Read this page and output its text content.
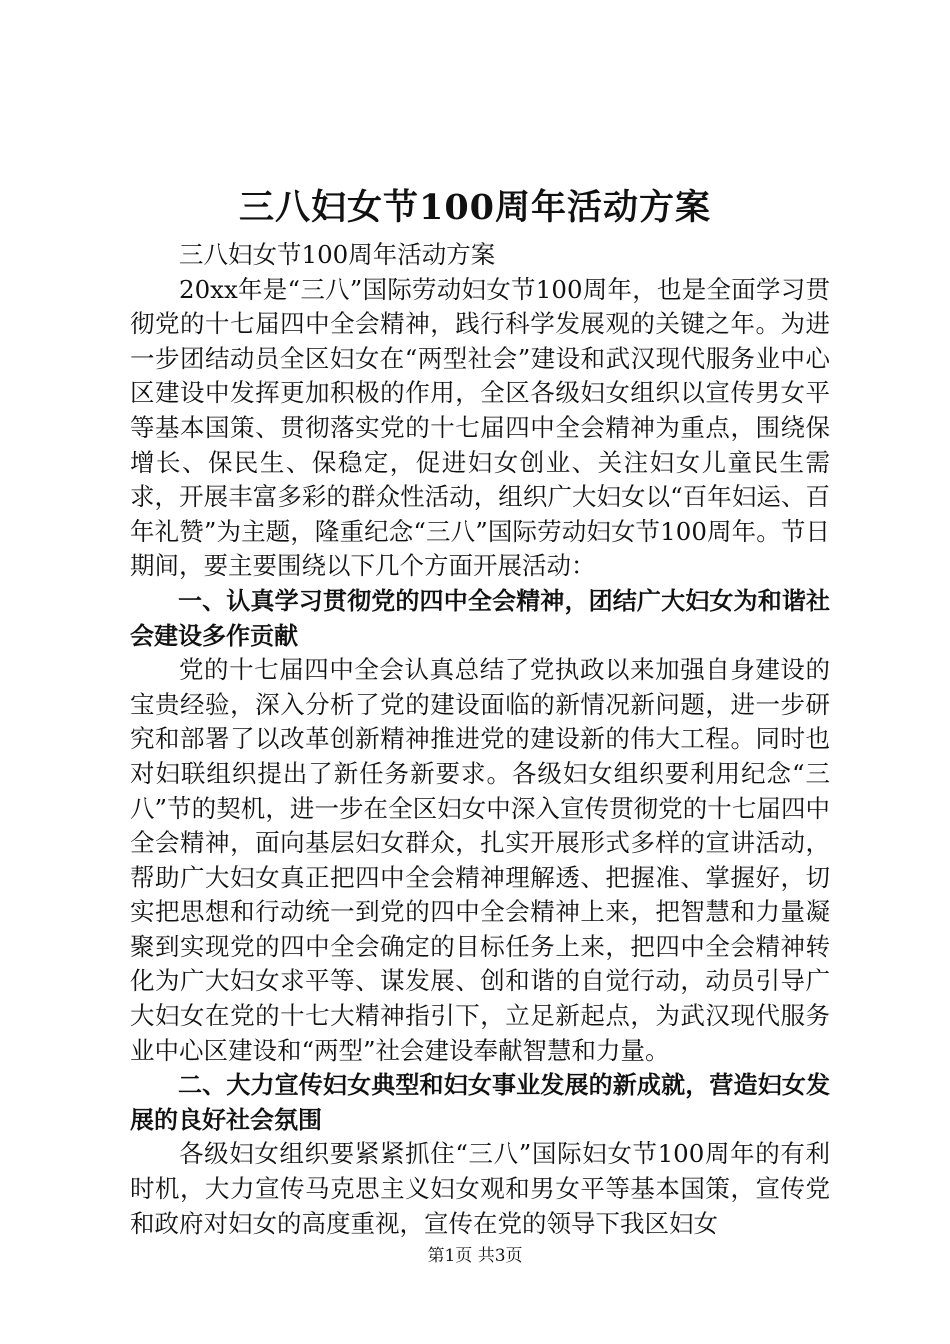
三八妇女节100周年活动方案

三八妇女节100周年活动方案

20xx年是“三八”国际劳动妇女节100周年，也是全面学习贯彻党的十七届四中全会精神，践行科学发展观的关键之年。为进一步团结动员全区妇女在“两型社会”建设和武汉现代服务业中心区建设中发挥更加积极的作用，全区各级妇女组织以宣传男女平等基本国策、贯彻落实党的十七届四中全会精神为重点，围绕保增长、保民生、保稳定，促进妇女创业、关注妇女儿童民生需求，开展丰富多彩的群众性活动，组织广大妇女以“百年妇运、百年礼赞”为主题，隆重纪念“三八”国际劳动妇女节100周年。节日期间，要主要围绕以下几个方面开展活动：

一、认真学习贯彻党的四中全会精神，团结广大妇女为和谐社会建设多作贡献

党的十七届四中全会认真总结了党执政以来加强自身建设的宝贵经验，深入分析了党的建设面临的新情况新问题，进一步研究和部署了以改革创新精神推进党的建设新的伟大工程。同时也对妇联组织提出了新任务新要求。各级妇女组织要利用纪念“三八”节的契机，进一步在全区妇女中深入宣传贯彻党的十七届四中全会精神，面向基层妇女群众，扎实开展形式多样的宣讲活动，帮助广大妇女真正把四中全会精神理解透、把握准、掌握好，切实把思想和行动统一到党的四中全会精神上来，把智慧和力量凝聚到实现党的四中全会确定的目标任务上来，把四中全会精神转化为广大妇女求平等、谋发展、创和谐的自觉行动，动员引导广大妇女在党的十七大精神指引下，立足新起点，为武汉现代服务业中心区建设和“两型”社会建设奉献智慧和力量。

二、大力宣传妇女典型和妇女事业发展的新成就，营造妇女发展的良好社会氛围

各级妇女组织要紧紧抓住“三八”国际妇女节100周年的有利时机，大力宣传马克思主义妇女观和男女平等基本国策，宣传党和政府对妇女的高度重视，宣传在党的领导下我区妇女

第1页 共3页
